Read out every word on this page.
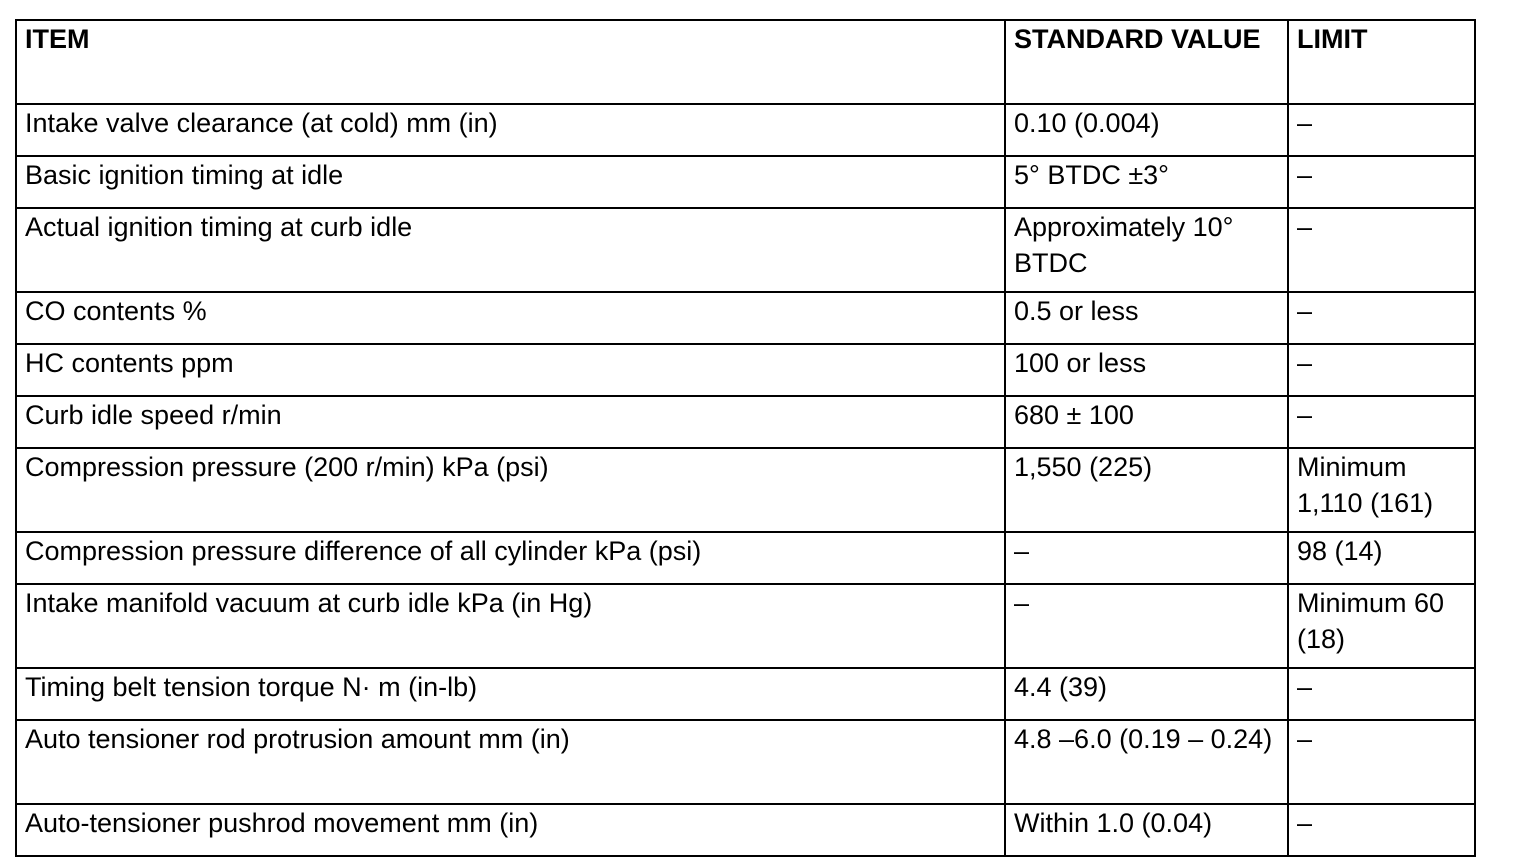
ITEM	STANDARD VALUE	LIMIT
Intake valve clearance (at cold) mm (in)	0.10 (0.004)	–
Basic ignition timing at idle	5° BTDC ±3°	–
Actual ignition timing at curb idle	Approximately 10° BTDC	–
CO contents %	0.5 or less	–
HC contents ppm	100 or less	–
Curb idle speed r/min	680 ± 100	–
Compression pressure (200 r/min) kPa (psi)	1,550 (225)	Minimum 1,110 (161)
Compression pressure difference of all cylinder kPa (psi)	–	98 (14)
Intake manifold vacuum at curb idle kPa (in Hg)	–	Minimum 60 (18)
Timing belt tension torque N· m (in-lb)	4.4 (39)	–
Auto tensioner rod protrusion amount mm (in)	4.8 –6.0 (0.19 – 0.24)	–
Auto-tensioner pushrod movement mm (in)	Within 1.0 (0.04)	–
